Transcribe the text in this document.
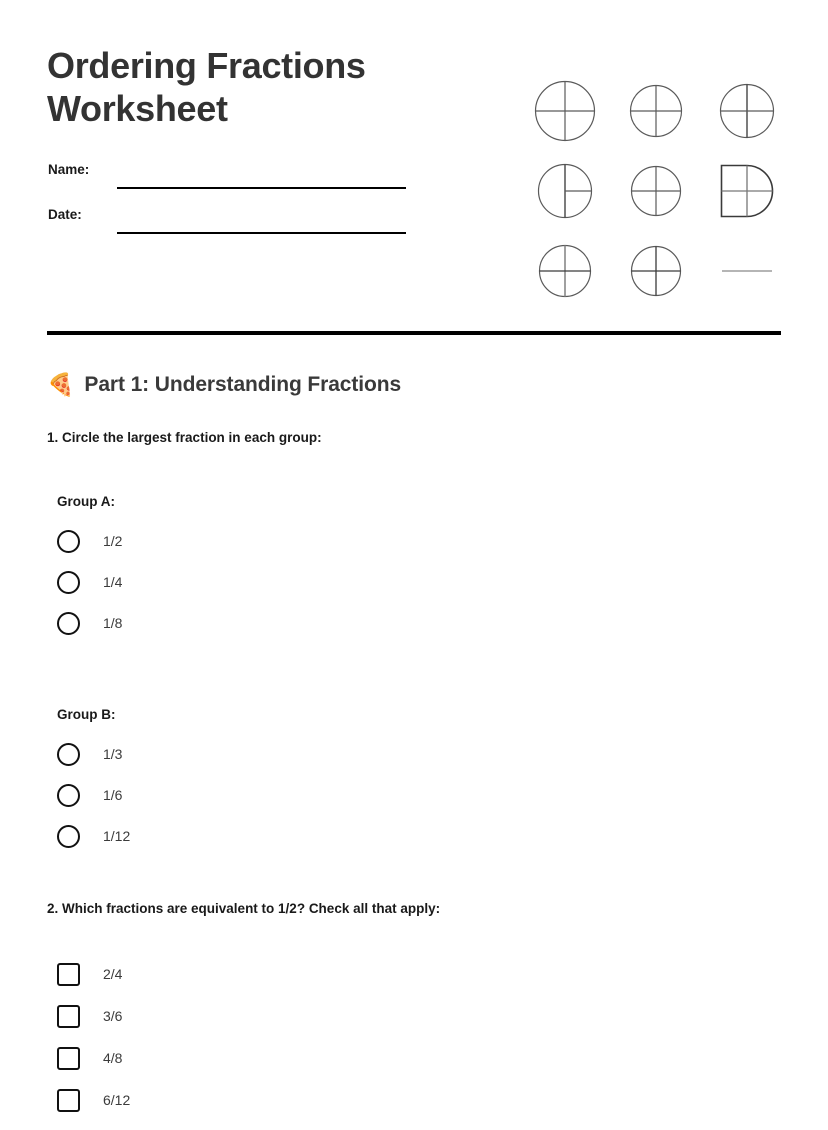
Ordering Fractions Worksheet
Name:
Date:
🍕 Part 1: Understanding Fractions
1. Circle the largest fraction in each group:
Group A:
1/2
1/4
1/8
Group B:
1/3
1/6
1/12
2. Which fractions are equivalent to 1/2? Check all that apply:
2/4
3/6
4/8
6/12
